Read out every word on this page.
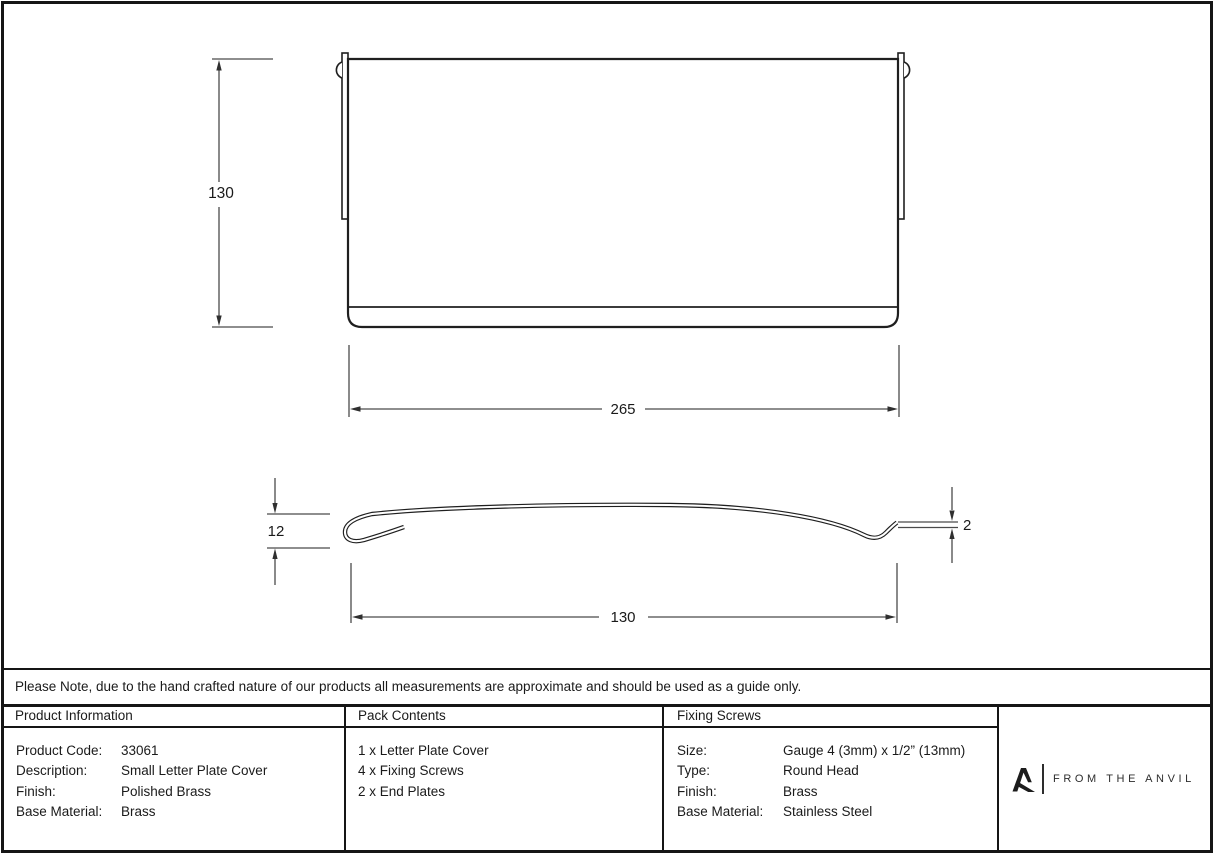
130
265
12	2
130
Please Note, due to the hand crafted nature of our products all measurements are approximate and should be used as a guide only.
Product Information	Pack Contents	Fixing Screws
Product Code:	33061
Description:	Small Letter Plate Cover
Finish:	Polished Brass
Base Material:	Brass
1 x Letter Plate Cover
4 x Fixing Screws
2 x End Plates
Size:	Gauge 4 (3mm) x 1/2” (13mm)
Type:	Round Head
Finish:	Brass
Base Material:	Stainless Steel
FROM THE ANVIL
